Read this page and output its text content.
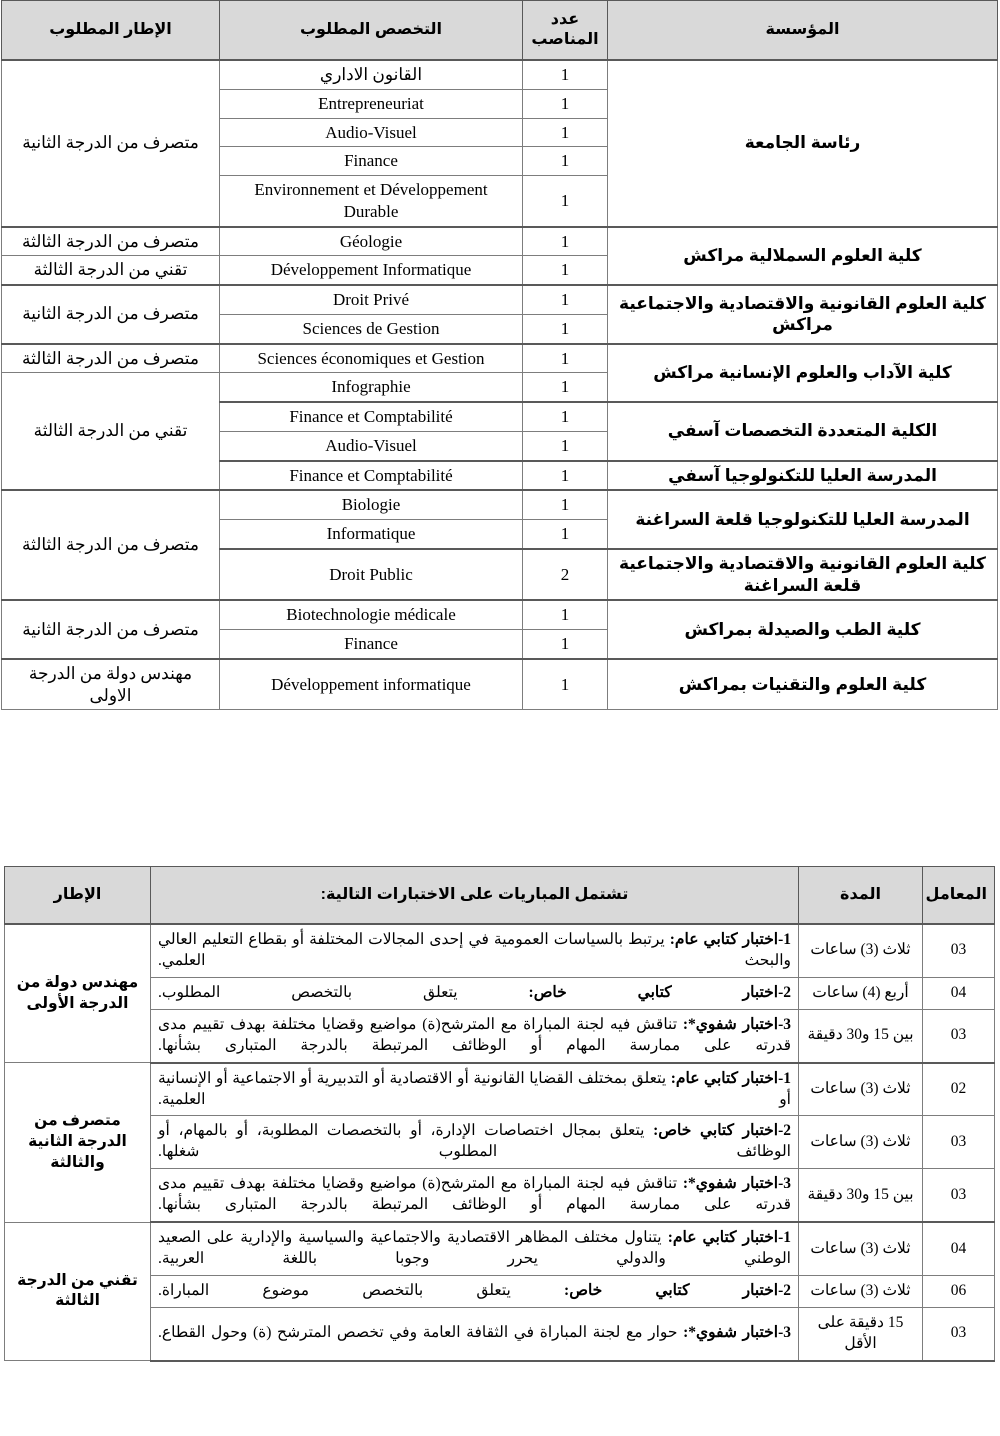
المؤسسة	عدد المناصب	التخصص المطلوب	الإطار المطلوب
رئاسة الجامعة	1	القانون الاداري	متصرف من الدرجة الثانية
	1	Entrepreneuriat	
	1	Audio-Visuel	
	1	Finance	
	1	Environnement et Développement Durable	
كلية العلوم السملالية مراكش	1	Géologie	متصرف من الدرجة الثالثة
	1	Développement Informatique	تقني من الدرجة الثالثة
كلية العلوم القانونية والاقتصادية والاجتماعية مراكش	1	Droit Privé	متصرف من الدرجة الثانية
	1	Sciences de Gestion	
كلية الآداب والعلوم الإنسانية مراكش	1	Sciences économiques et Gestion	متصرف من الدرجة الثالثة
	1	Infographie	تقني من الدرجة الثالثة
الكلية المتعددة التخصصات آسفي	1	Finance et Comptabilité	
	1	Audio-Visuel	
المدرسة العليا للتكنولوجيا آسفي	1	Finance et Comptabilité	
المدرسة العليا للتكنولوجيا قلعة السراغنة	1	Biologie	متصرف من الدرجة الثالثة
	1	Informatique	
كلية العلوم القانونية والاقتصادية والاجتماعية قلعة السراغنة	2	Droit Public	
كلية الطب والصيدلة بمراكش	1	Biotechnologie médicale	متصرف من الدرجة الثانية
	1	Finance	
كلية العلوم والتقنيات بمراكش	1	Développement informatique	مهندس دولة من الدرجة الاولى
المعامل	المدة	تشتمل المباريات على الاختبارات التالية:	الإطار
03	ثلاث (3) ساعات	1-اختبار كتابي عام: يرتبط بالسياسات العمومية في إحدى المجالات المختلفة أو بقطاع التعليم العالي والبحث العلمي.	مهندس دولة من الدرجة الأولى
04	أربع (4) ساعات	2-اختبار كتابي خاص: يتعلق بالتخصص المطلوب.	
03	بين 15 و30 دقيقة	3-اختبار شفوي*: تناقش فيه لجنة المباراة مع المترشح(ة) مواضيع وقضايا مختلفة بهدف تقييم مدى قدرته على ممارسة المهام أو الوظائف المرتبطة بالدرجة المتبارى بشأنها.	
02	ثلاث (3) ساعات	1-اختبار كتابي عام: يتعلق بمختلف القضايا القانونية أو الاقتصادية أو التدبيرية أو الاجتماعية أو الإنسانية أو العلمية.	متصرف من الدرجة الثانية والثالثة
03	ثلاث (3) ساعات	2-اختبار كتابي خاص: يتعلق بمجال اختصاصات الإدارة، أو بالتخصصات المطلوبة، أو بالمهام، أو الوظائف المطلوب شغلها.	
03	بين 15 و30 دقيقة	3-اختبار شفوي*: تناقش فيه لجنة المباراة مع المترشح(ة) مواضيع وقضايا مختلفة بهدف تقييم مدى قدرته على ممارسة المهام أو الوظائف المرتبطة بالدرجة المتبارى بشأنها.	
04	ثلاث (3) ساعات	1-اختبار كتابي عام: يتناول مختلف المظاهر الاقتصادية والاجتماعية والسياسية والإدارية على الصعيد الوطني والدولي يحرر وجوبا باللغة العربية.	تقني من الدرجة الثالثة
06	ثلاث (3) ساعات	2-اختبار كتابي خاص: يتعلق بالتخصص موضوع المباراة.	
03	15 دقيقة على الأقل	3-اختبار شفوي*: حوار مع لجنة المباراة في الثقافة العامة وفي تخصص المترشح (ة) وحول القطاع.	
